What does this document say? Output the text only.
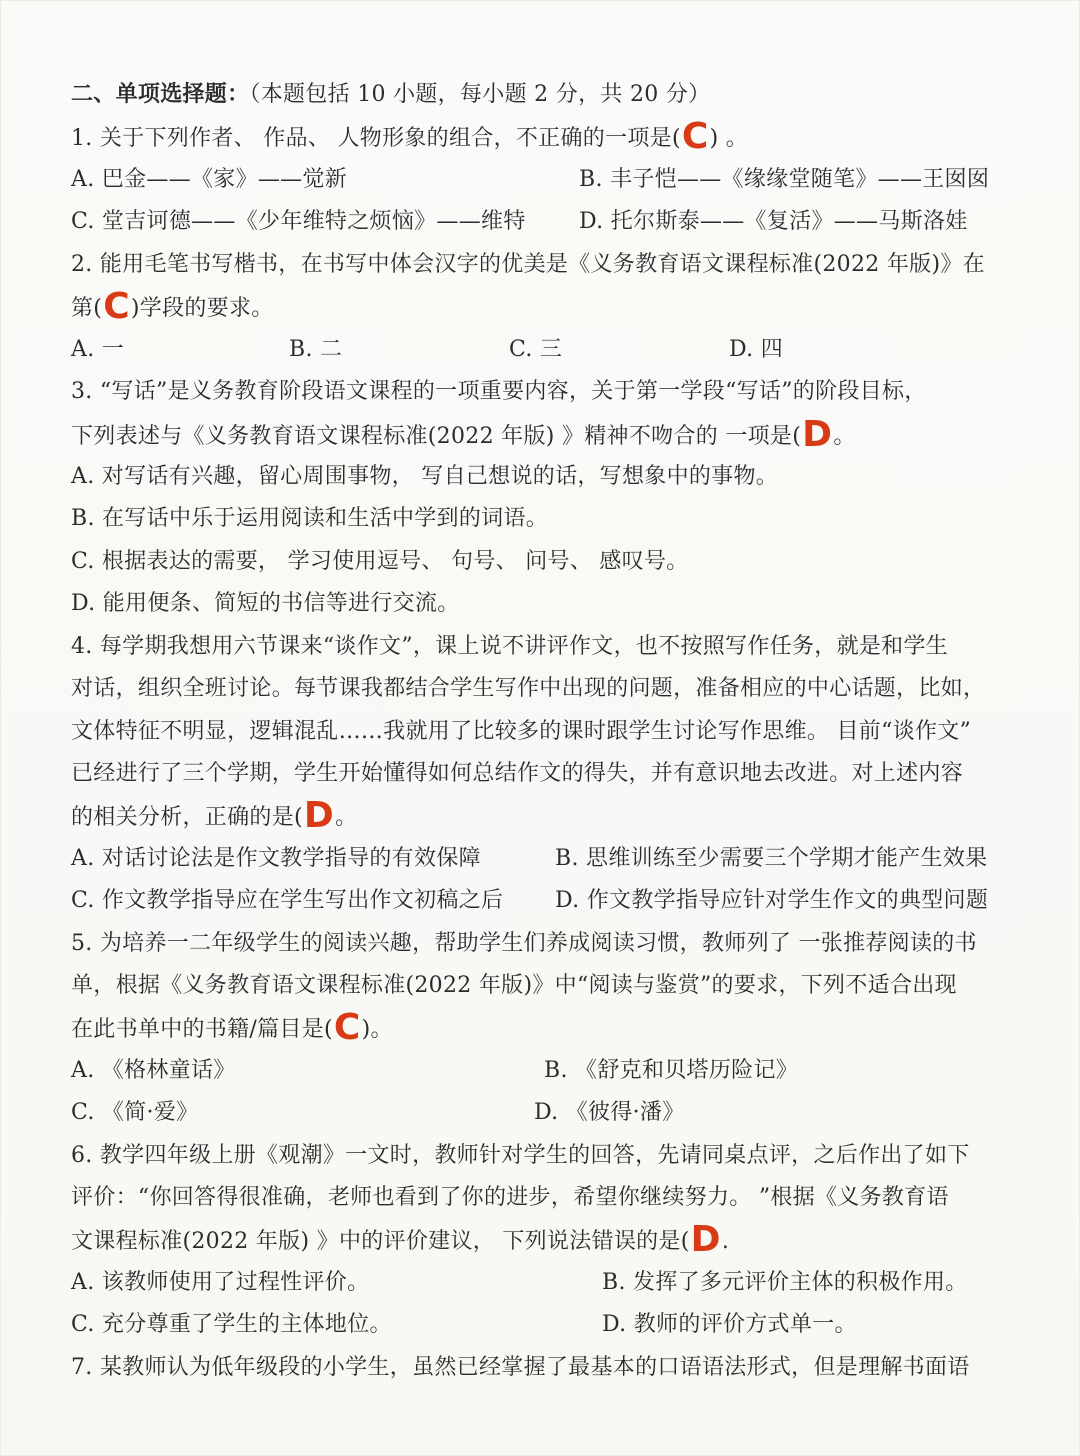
二、单项选择题：（本题包括 10 小题，每小题 2 分，共 20 分）
1. 关于下列作者、 作品、 人物形象的组合，不正确的一项是(C) 。
A. 巴金——《家》——觉新	B. 丰子恺——《缘缘堂随笔》——王囡囡
C. 堂吉诃德——《少年维特之烦恼》——维特 D. 托尔斯泰——《复活》——马斯洛娃
2. 能用毛笔书写楷书，在书写中体会汉字的优美是《义务教育语文课程标准(2022 年版)》在
第(C)学段的要求。
A. 一	B. 二	C. 三	D. 四
3. “写话”是义务教育阶段语文课程的一项重要内容，关于第一学段“写话”的阶段目标，
下列表述与《义务教育语文课程标准(2022 年版) 》精神不吻合的 一项是(D。
A. 对写话有兴趣，留心周围事物， 写自己想说的话，写想象中的事物。
B. 在写话中乐于运用阅读和生活中学到的词语。
C. 根据表达的需要， 学习使用逗号、 句号、 问号、 感叹号。
D. 能用便条、简短的书信等进行交流。
4. 每学期我想用六节课来“谈作文”，课上说不讲评作文，也不按照写作任务，就是和学生
对话，组织全班讨论。每节课我都结合学生写作中出现的问题，准备相应的中心话题，比如，
文体特征不明显，逻辑混乱……我就用了比较多的课时跟学生讨论写作思维。 目前“谈作文”
已经进行了三个学期，学生开始懂得如何总结作文的得失，并有意识地去改进。对上述内容
的相关分析，正确的是(D。
A. 对话讨论法是作文教学指导的有效保障	B. 思维训练至少需要三个学期才能产生效果
C. 作文教学指导应在学生写出作文初稿之后 D. 作文教学指导应针对学生作文的典型问题
5. 为培养一二年级学生的阅读兴趣，帮助学生们养成阅读习惯，教师列了 一张推荐阅读的书
单，根据《义务教育语文课程标准(2022 年版)》中“阅读与鉴赏”的要求，下列不适合出现
在此书单中的书籍/篇目是(C)。
A. 《格林童话》	B. 《舒克和贝塔历险记》
C. 《简·爱》	D. 《彼得·潘》
6. 教学四年级上册《观潮》一文时，教师针对学生的回答，先请同桌点评，之后作出了如下
评价：“你回答得很准确，老师也看到了你的进步，希望你继续努力。 ”根据《义务教育语
文课程标准(2022 年版) 》中的评价建议， 下列说法错误的是(D.
A. 该教师使用了过程性评价。	B. 发挥了多元评价主体的积极作用。
C. 充分尊重了学生的主体地位。	D. 教师的评价方式单一。
7. 某教师认为低年级段的小学生，虽然已经掌握了最基本的口语语法形式，但是理解书面语
